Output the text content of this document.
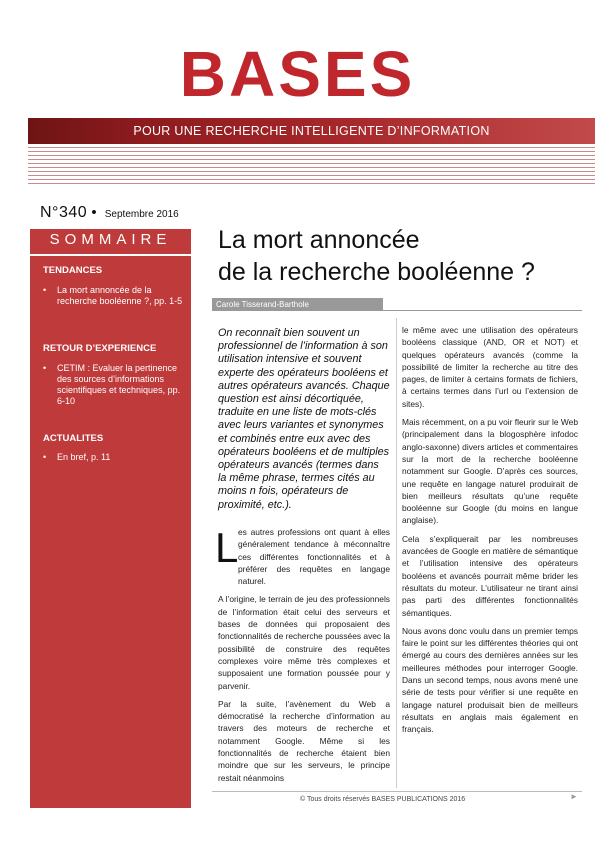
BASES
POUR UNE RECHERCHE INTELLIGENTE D’INFORMATION
N°340 • Septembre 2016
SOMMAIRE
TENDANCES
•	La mort annoncée de la recherche booléenne ?, pp. 1-5
RETOUR D’EXPERIENCE
•	CETIM : Evaluer la pertinence des sources d’informations scientifiques et techniques, pp. 6-10
ACTUALITES
•	En bref, p. 11
La mort annoncée
de la recherche booléenne ?
Carole Tisserand-Barthole
On reconnaît bien souvent un professionnel de l’information à son utilisation intensive et souvent experte des opérateurs booléens et autres opérateurs avancés. Chaque question est ainsi décortiquée, traduite en une liste de mots-clés avec leurs variantes et synonymes et combinés entre eux avec des opérateurs booléens et de multiples opérateurs avancés (termes dans la même phrase, termes cités au moins n fois, opérateurs de proximité, etc.).
L es autres professions ont quant à elles généralement tendance à méconnaître ces différentes fonctionnalités et à préférer des requêtes en langage naturel.

A l’origine, le terrain de jeu des professionnels de l’information était celui des serveurs et bases de données qui proposaient des fonctionnalités de recherche poussées avec la possibilité de construire des requêtes complexes voire même très complexes et supposaient une formation poussée pour y parvenir.

Par la suite, l’avènement du Web a démocratisé la recherche d’information au travers des moteurs de recherche et notamment Google. Même si les fonctionnalités de recherche étaient bien moindre que sur les serveurs, le principe restait néanmoins

le même avec une utilisation des opérateurs booléens classique (AND, OR et NOT) et quelques opérateurs avancés (comme la possibilité de limiter la recherche au titre des pages, de limiter à certains formats de fichiers, à certains termes dans l’url ou l’extension de sites).

Mais récemment, on a pu voir fleurir sur le Web (principalement dans la blogosphère infodoc anglo-saxonne) divers articles et commentaires sur la mort de la recherche booléenne notamment sur Google. D’après ces sources, une requête en langage naturel produirait de bien meilleurs résultats qu’une requête booléenne sur Google (du moins en langue anglaise).

Cela s’expliquerait par les nombreuses avancées de Google en matière de sémantique et l’utilisation intensive des opérateurs booléens et avancés pourrait même brider les résultats du moteur. L’utilisateur ne tirant ainsi pas parti des différentes fonctionnalités sémantiques.

Nous avons donc voulu dans un premier temps faire le point sur les différentes théories qui ont émergé au cours des dernières années sur les meilleures méthodes pour interroger Google. Dans un second temps, nous avons mené une série de tests pour vérifier si une requête en langage naturel produisait bien de meilleurs résultats en anglais mais également en français.

© Tous droits réservés BASES PUBLICATIONS 2016	►
